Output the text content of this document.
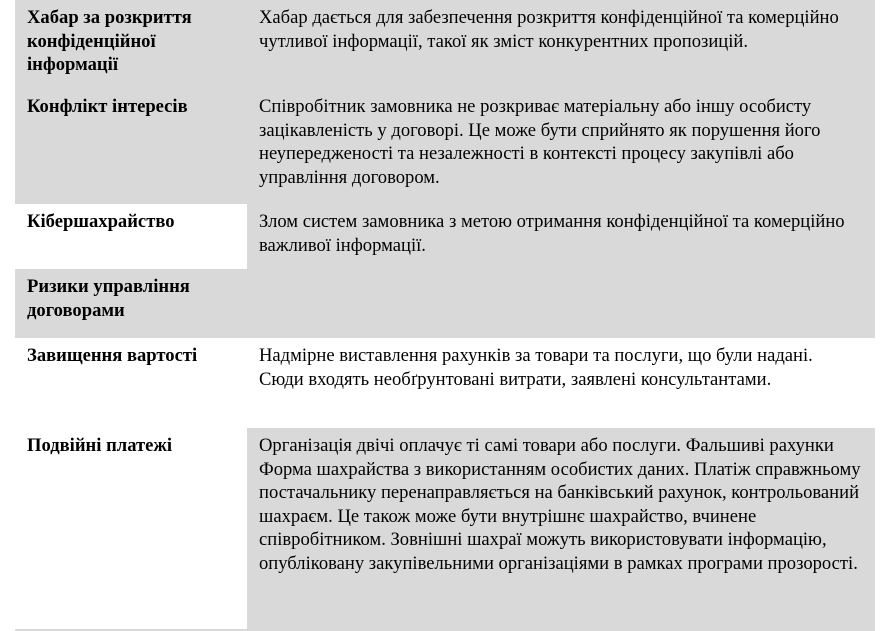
Хабар за розкриття конфіденційної інформації	Хабар дається для забезпечення розкриття конфіденційної та комерційно чутливої інформації, такої як зміст конкурентних пропозицій.
Конфлікт інтересів	Співробітник замовника не розкриває матеріальну або іншу особисту зацікавленість у договорі. Це може бути сприйнято як порушення його неупередженості та незалежності в контексті процесу закупівлі або управління договором.
Кібершахрайство	Злом систем замовника з метою отримання конфіденційної та комерційно важливої інформації.
Ризики управління договорами	
Завищення вартості	Надмірне виставлення рахунків за товари та послуги, що були надані. Сюди входять необґрунтовані витрати, заявлені консультантами.
Подвійні платежі	Організація двічі оплачує ті самі товари або послуги. Фальшиві рахунки Форма шахрайства з використанням особистих даних. Платіж справжньому постачальнику перенаправляється на банківський рахунок, контрольований шахраєм. Це також може бути внутрішнє шахрайство, вчинене співробітником. Зовнішні шахраї можуть використовувати інформацію, опубліковану закупівельними організаціями в рамках програми прозорості.
